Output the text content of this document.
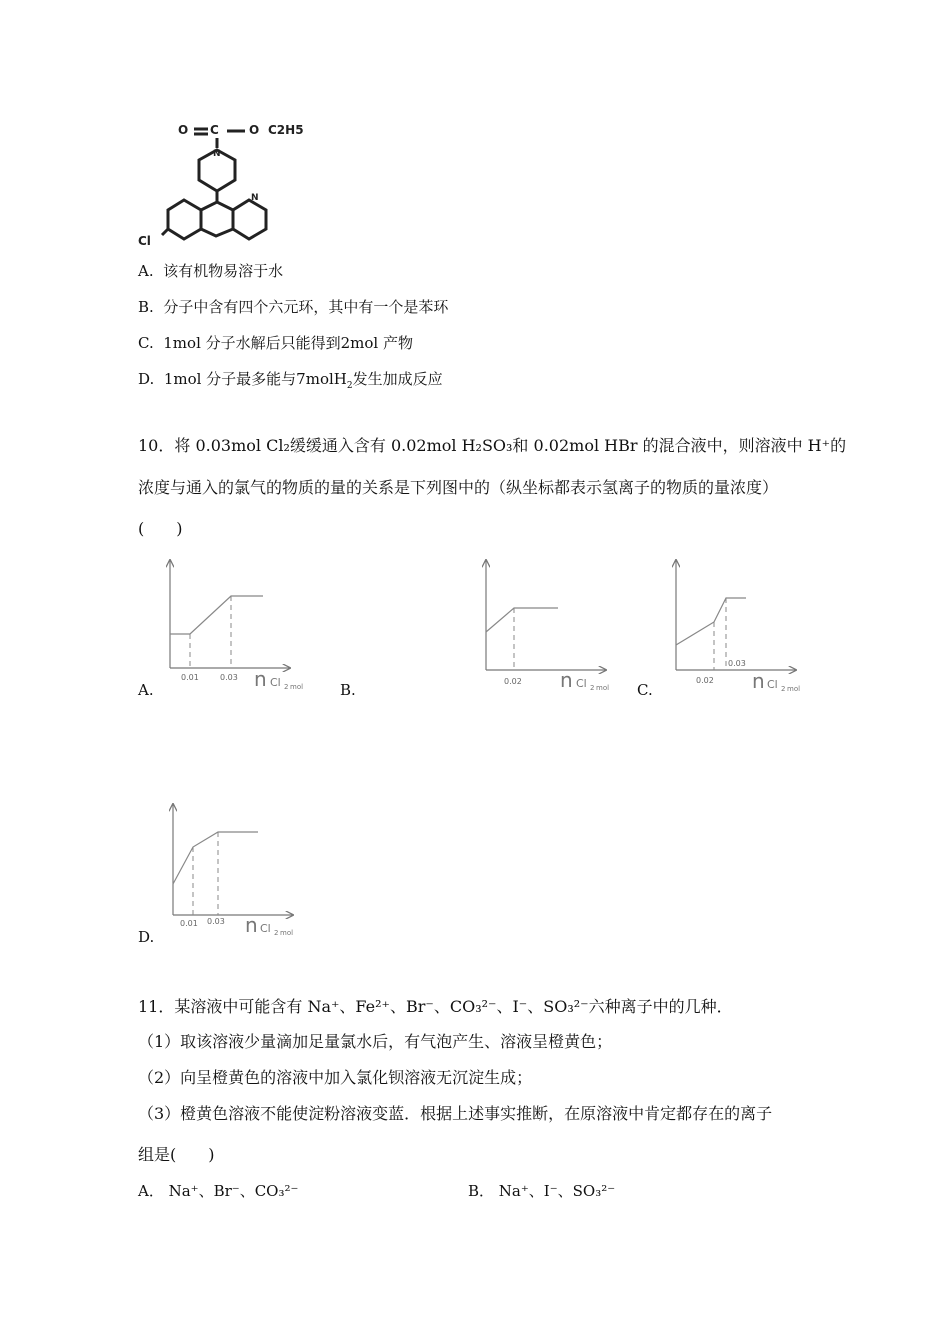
O C	O C2H5
N
N
Cl
A. 该有机物易溶于水
B. 分子中含有四个六元环，其中有一个是苯环
C. 1mol 分子水解后只能得到2mol 产物
D. 1mol 分子最多能与7molH$_2$发生加成反应
10．将 0.03mol Cl₂缓缓通入含有 0.02mol H₂SO₃和 0.02mol HBr 的混合液中，则溶液中 H⁺的
浓度与通入的氯气的物质的量的关系是下列图中的（纵坐标都表示氢离子的物质的量浓度）
(　　)
0.01	0.03 n Cl 2 mol
A.	B.	0.02 n Cl 2 mol C.
0.03
0.02 n Cl 2 mol
0.01 0.03 n Cl 2 mol
D.
11．某溶液中可能含有 Na⁺、Fe²⁺、Br⁻、CO₃²⁻、I⁻、SO₃²⁻六种离子中的几种．
（1）取该溶液少量滴加足量氯水后，有气泡产生、溶液呈橙黄色；
（2）向呈橙黄色的溶液中加入氯化钡溶液无沉淀生成；
（3）橙黄色溶液不能使淀粉溶液变蓝．根据上述事实推断，在原溶液中肯定都存在的离子
组是(　　)
A． Na⁺、Br⁻、CO₃²⁻	B． Na⁺、I⁻、SO₃²⁻
